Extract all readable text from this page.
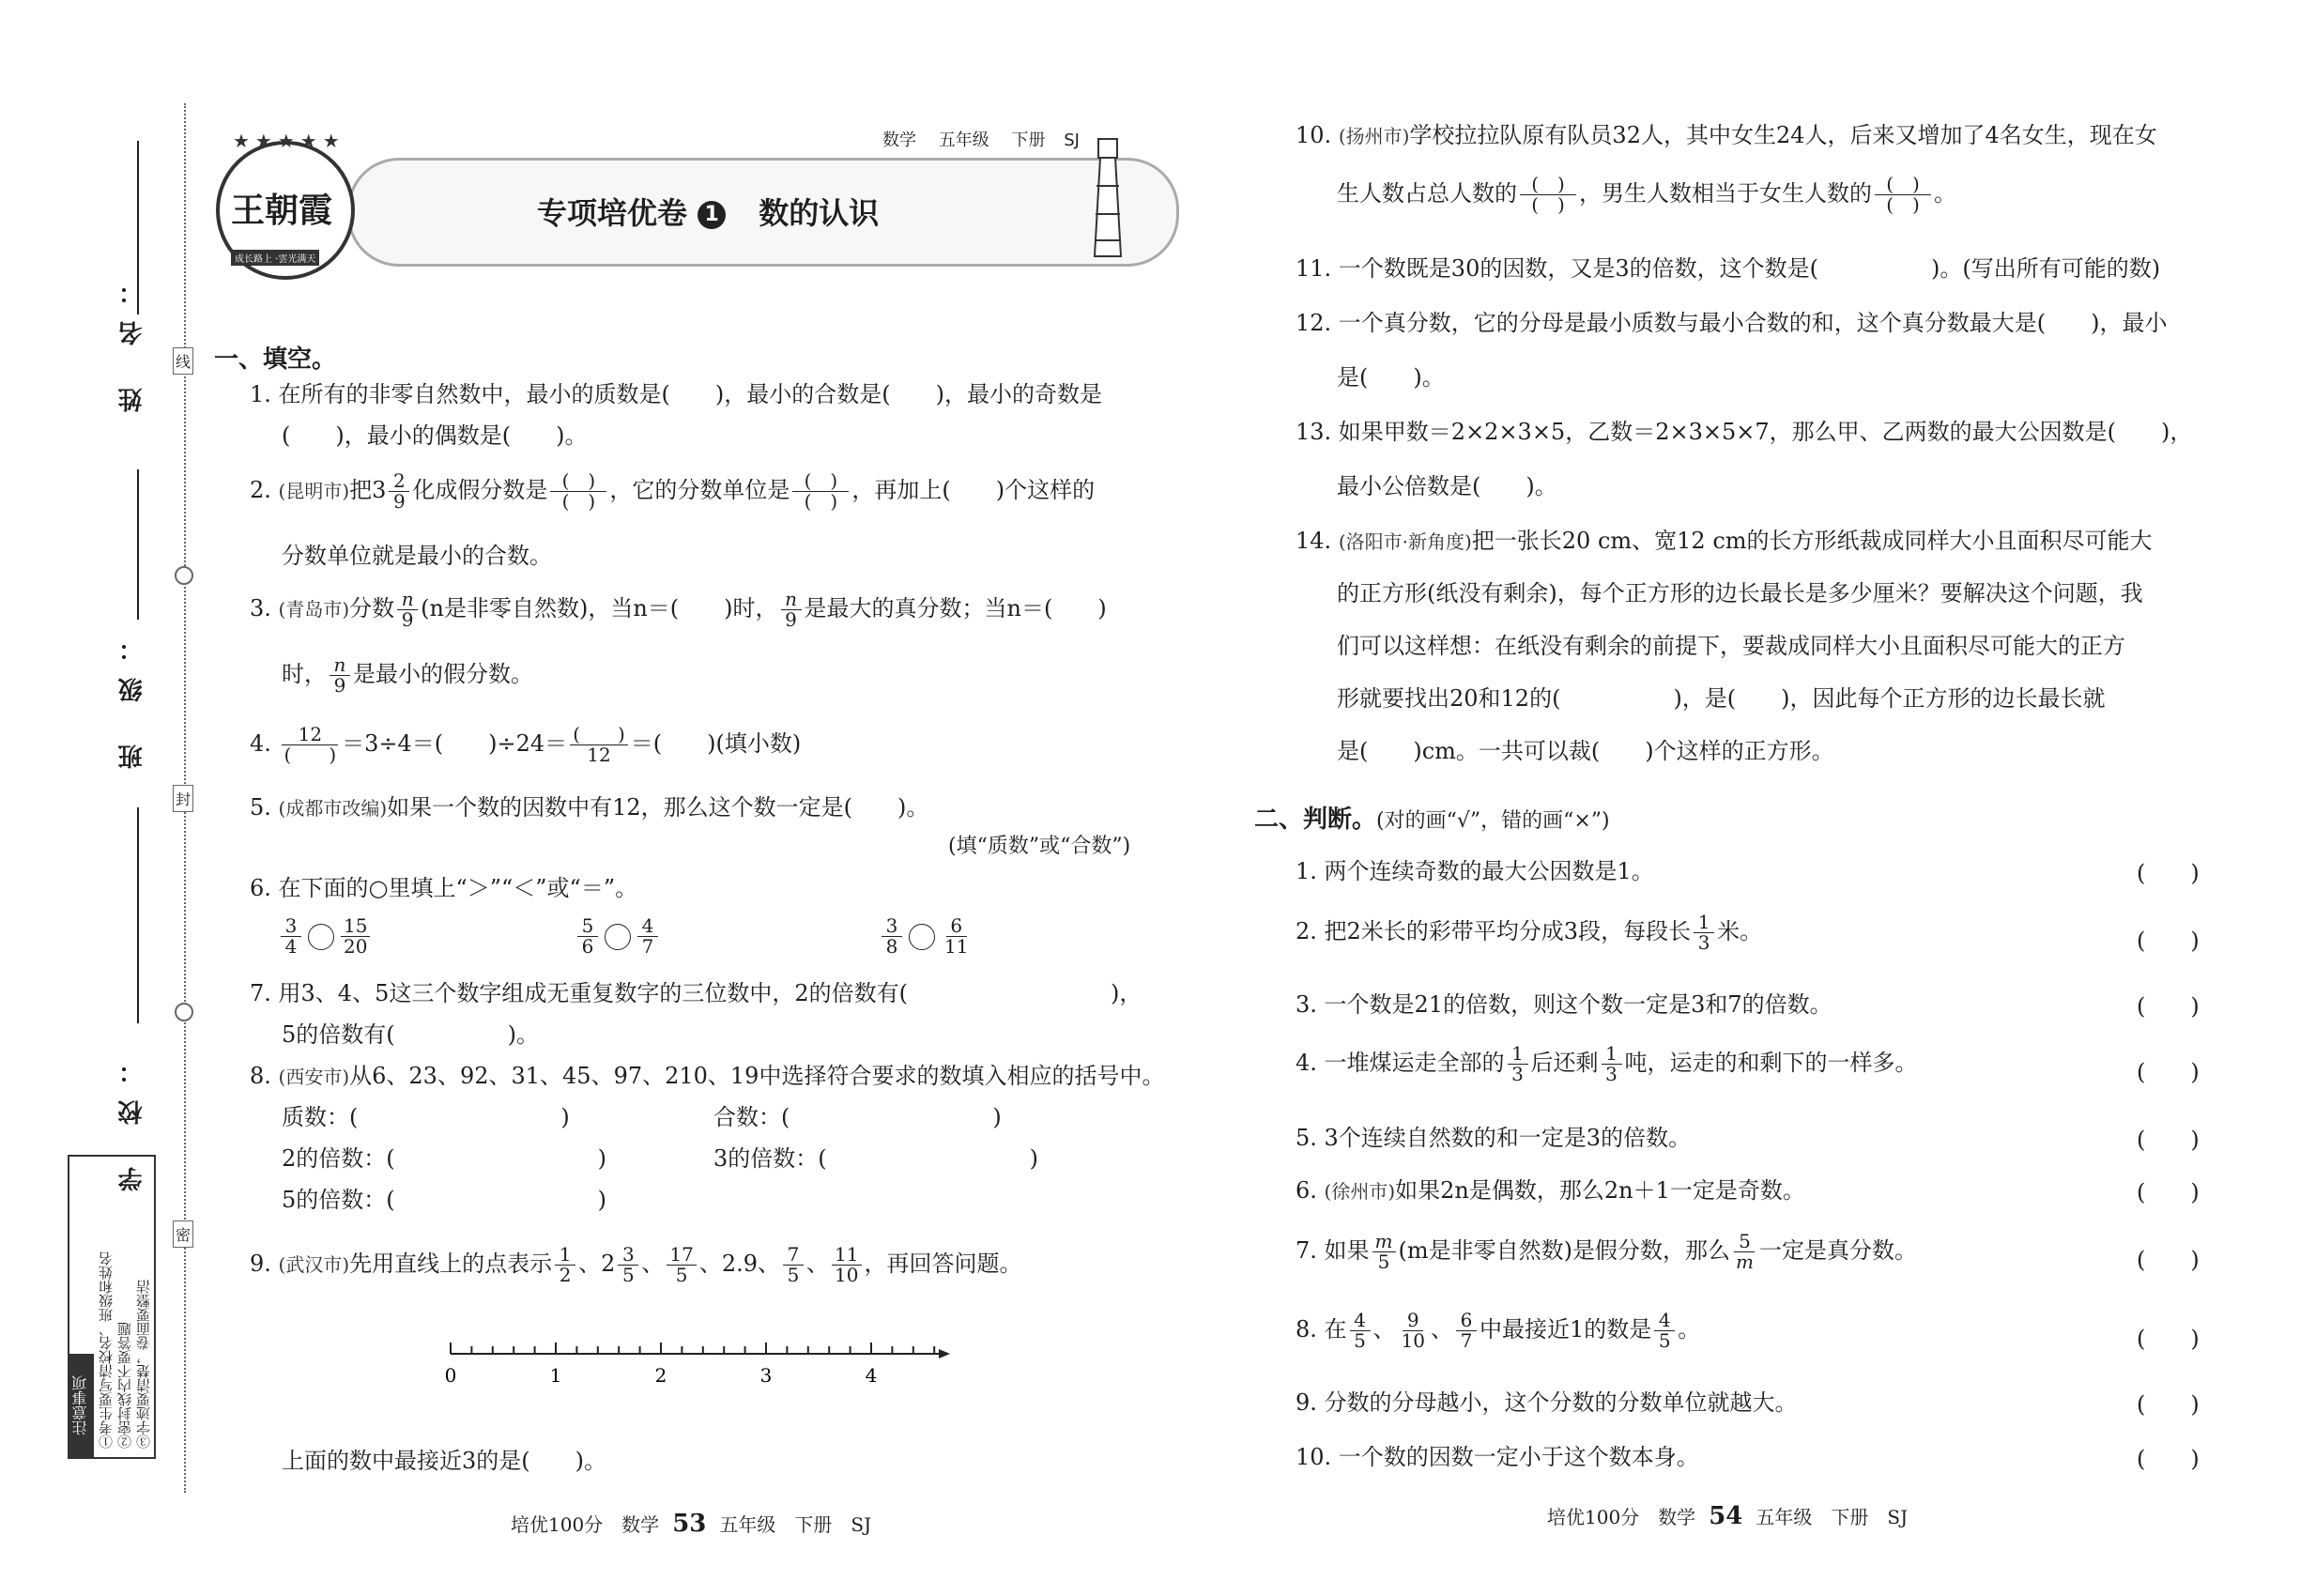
线
封
密
姓 名：
班 级：
学 校：
注意事项 ①考生要写清校名、班级和姓名 ②密封线内不要答题 ③字迹要清楚，卷面要整洁
王朝霞
成长路上 ·雲光满天
★★★★★	数学 五年级 下册 SJ
专项培优卷 1 数的认识
一、填空。
1. 在所有的非零自然数中，最小的质数是(　　)，最小的合数是(　　)，最小的奇数是
(　　)，最小的偶数是(　　)。
2. (昆明市)把$3 \frac{2}{9}$ 化成假分数是 $\frac{( )}{( )}$ ，它的分数单位是 $\frac{( )}{( )}$ ，再加上(　　)个这样的
分数单位就是最小的合数。
3. (青岛市)分数 $\frac{n}{9} (n$是非零自然数)，当n＝(　　)时， $\frac{n}{9}$ 是最大的真分数；当n＝(　　)
时， $\frac{n}{9}$ 是最小的假分数。
4. $\frac{12}{( )} =3\div 4=$(　　)$\div 24= \frac{( )}{12}$ ＝(　　)(填小数)
5. (成都市改编)如果一个数的因数中有12，那么这个数一定是(　　)。
(填“质数”或“合数”)
6. 在下面的○里填上“＞”“＜”或“＝”。
$\frac{3}{4} \frac{15}{20}$	$\frac{5}{6} \frac{4}{7}$	$\frac{3}{8} \frac{6}{11}$
7. 用3、4、5这三个数字组成无重复数字的三位数中，2的倍数有(　　　　　　　　　)，
5的倍数有(　　　　　)。
8. (西安市)从6、23、92、31、45、97、210、19中选择符合要求的数填入相应的括号中。
质数：(　　　　　　　　　)	合数：(　　　　　　　　　)
2的倍数：(　　　　　　　　　)	3的倍数：(　　　　　　　　　)
5的倍数：(　　　　　　　　　)
9. (武汉市)先用直线上的点表示 $\frac{1}{2}$ 、$2 \frac{3}{5}$ 、 $\frac{17}{5}$ 、2.9、 $\frac{7}{5}$ 、 $\frac{11}{10}$ ，再回答问题。
0	1	2	3	4
上面的数中最接近3的是(　　)。
培优100分　数学 53 五年级　下册　SJ
10. (扬州市)学校拉拉队原有队员32人，其中女生24人，后来又增加了4名女生，现在女
生人数占总人数的 $\frac{( )}{( )}$ ，男生人数相当于女生人数的 $\frac{( )}{( )}$ 。
11. 一个数既是30的因数，又是3的倍数，这个数是(　　　　　)。(写出所有可能的数)
12. 一个真分数，它的分母是最小质数与最小合数的和，这个真分数最大是(　　)，最小
是(　　)。
13. 如果甲数＝2×2×3×5，乙数＝2×3×5×7，那么甲、乙两数的最大公因数是(　　)，
最小公倍数是(　　)。
14. (洛阳市·新角度)把一张长20 cm、宽12 cm的长方形纸裁成同样大小且面积尽可能大
的正方形(纸没有剩余)，每个正方形的边长最长是多少厘米？要解决这个问题，我
们可以这样想：在纸没有剩余的前提下，要裁成同样大小且面积尽可能大的正方
形就要找出20和12的(　　　　　)，是(　　)，因此每个正方形的边长最长就
是(　　)cm。一共可以裁(　　)个这样的正方形。
二、判断。(对的画“√”，错的画“×”)
1. 两个连续奇数的最大公因数是1。	(　　)
2. 把2米长的彩带平均分成3段，每段长 $\frac{1}{3}$ 米。	(　　)
3. 一个数是21的倍数，则这个数一定是3和7的倍数。	(　　)
4. 一堆煤运走全部的 $\frac{1}{3}$ 后还剩 $\frac{1}{3}$ 吨，运走的和剩下的一样多。	(　　)
5. 3个连续自然数的和一定是3的倍数。	(　　)
6. (徐州市)如果2n是偶数，那么2n＋1一定是奇数。	(　　)
7. 如果 $\frac{m}{5} (m$是非零自然数)是假分数，那么 $\frac{5}{m}$ 一定是真分数。	(　　)
8. 在 $\frac{4}{5}$ 、 $\frac{9}{10}$ 、 $\frac{6}{7}$ 中最接近1的数是 $\frac{4}{5}$ 。	(　　)
9. 分数的分母越小，这个分数的分数单位就越大。	(　　)
10. 一个数的因数一定小于这个数本身。	(　　)
培优100分　数学 54 五年级　下册　SJ
